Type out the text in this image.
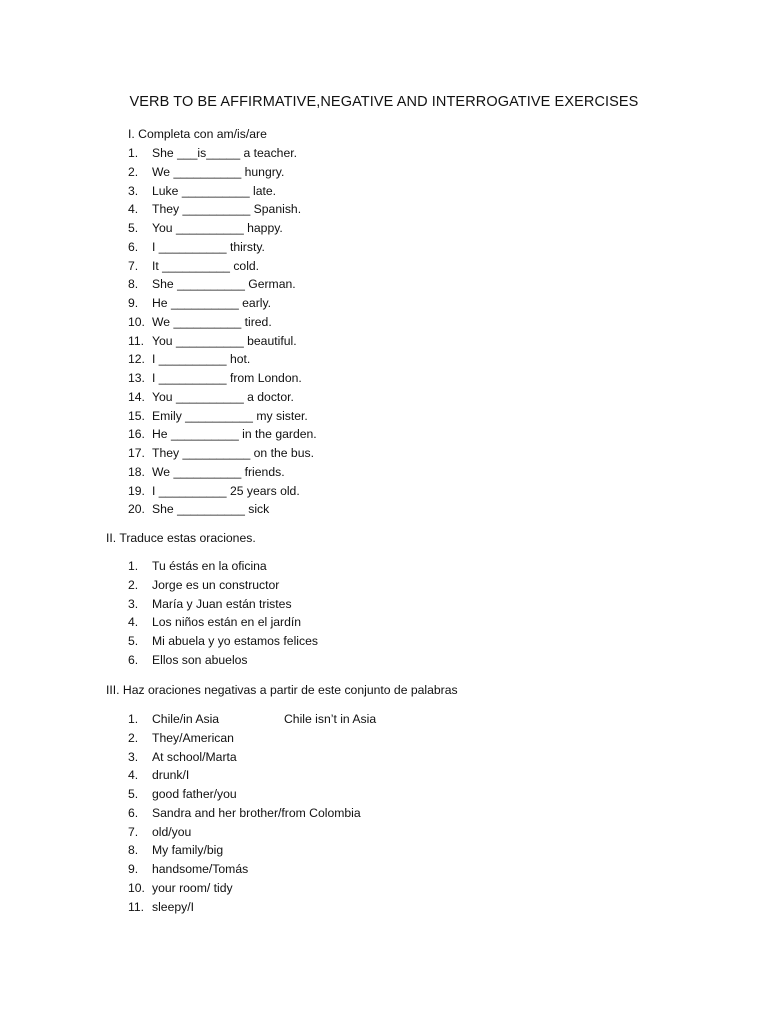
VERB TO BE AFFIRMATIVE,NEGATIVE AND INTERROGATIVE EXERCISES
I. Completa con am/is/are
1. She ___is_____ a teacher.
2. We __________ hungry.
3. Luke __________ late.
4. They __________ Spanish.
5. You __________ happy.
6. I __________ thirsty.
7. It __________ cold.
8. She __________ German.
9. He __________ early.
10. We __________ tired.
11. You __________ beautiful.
12. I __________ hot.
13. I __________ from London.
14. You __________ a doctor.
15. Emily __________ my sister.
16. He __________ in the garden.
17. They __________ on the bus.
18. We __________ friends.
19. I __________ 25 years old.
20. She __________ sick
II. Traduce estas oraciones.
1. Tu éstás en la oficina
2. Jorge es un constructor
3. María y Juan están tristes
4. Los niños están en el jardín
5. Mi abuela y yo estamos felices
6. Ellos son abuelos
III. Haz oraciones negativas a partir de este conjunto de palabras
1. Chile/in Asia	Chile isn’t in Asia
2. They/American
3. At school/Marta
4. drunk/I
5. good father/you
6. Sandra and her brother/from Colombia
7. old/you
8. My family/big
9. handsome/Tomás
10. your room/ tidy
11. sleepy/I
